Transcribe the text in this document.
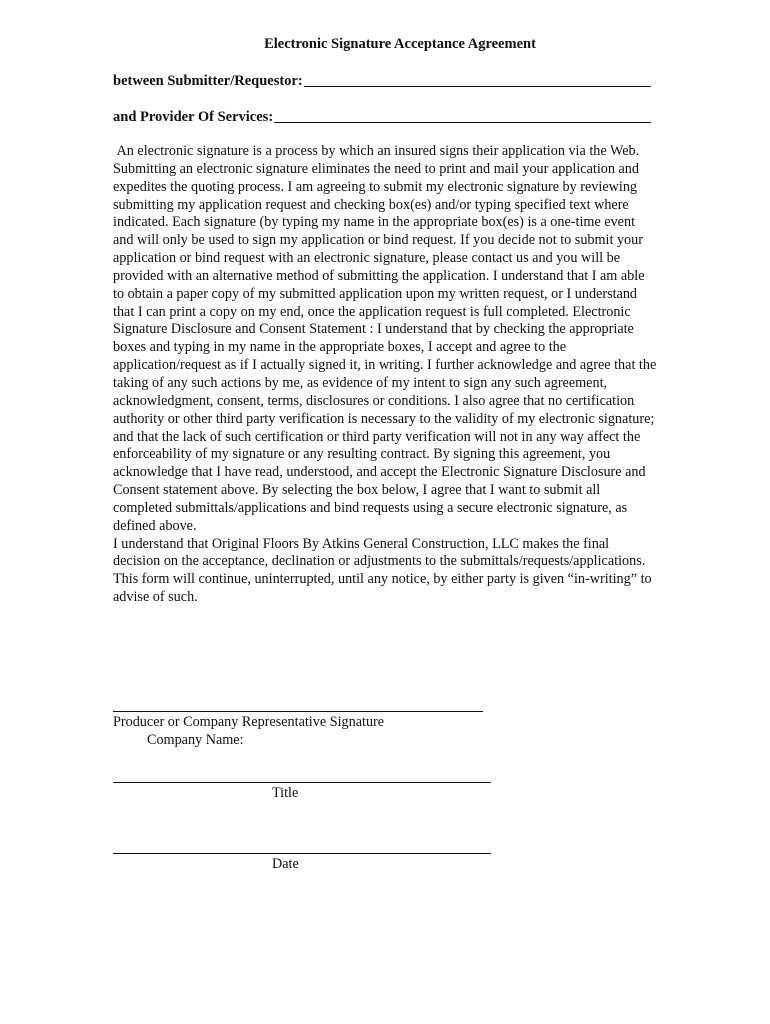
Electronic Signature Acceptance Agreement
between Submitter/Requestor:
and Provider Of Services:

An electronic signature is a process by which an insured signs their application via the Web. Submitting an electronic signature eliminates the need to print and mail your application and expedites the quoting process. I am agreeing to submit my electronic signature by reviewing submitting my application request and checking box(es) and/or typing specified text where indicated. Each signature (by typing my name in the appropriate box(es) is a one-time event and will only be used to sign my application or bind request. If you decide not to submit your application or bind request with an electronic signature, please contact us and you will be provided with an alternative method of submitting the application. I understand that I am able to obtain a paper copy of my submitted application upon my written request, or I understand that I can print a copy on my end, once the application request is full completed. Electronic Signature Disclosure and Consent Statement : I understand that by checking the appropriate boxes and typing in my name in the appropriate boxes, I accept and agree to the application/request as if I actually signed it, in writing. I further acknowledge and agree that the taking of any such actions by me, as evidence of my intent to sign any such agreement, acknowledgment, consent, terms, disclosures or conditions. I also agree that no certification authority or other third party verification is necessary to the validity of my electronic signature; and that the lack of such certification or third party verification will not in any way affect the enforceability of my signature or any resulting contract. By signing this agreement, you acknowledge that I have read, understood, and accept the Electronic Signature Disclosure and Consent statement above. By selecting the box below, I agree that I want to submit all completed submittals/applications and bind requests using a secure electronic signature, as defined above.

I understand that Original Floors By Atkins General Construction, LLC makes the final decision on the acceptance, declination or adjustments to the submittals/requests/applications.

This form will continue, uninterrupted, until any notice, by either party is given “in-writing” to advise of such.

Producer or Company Representative Signature
Company Name:
Title
Date
